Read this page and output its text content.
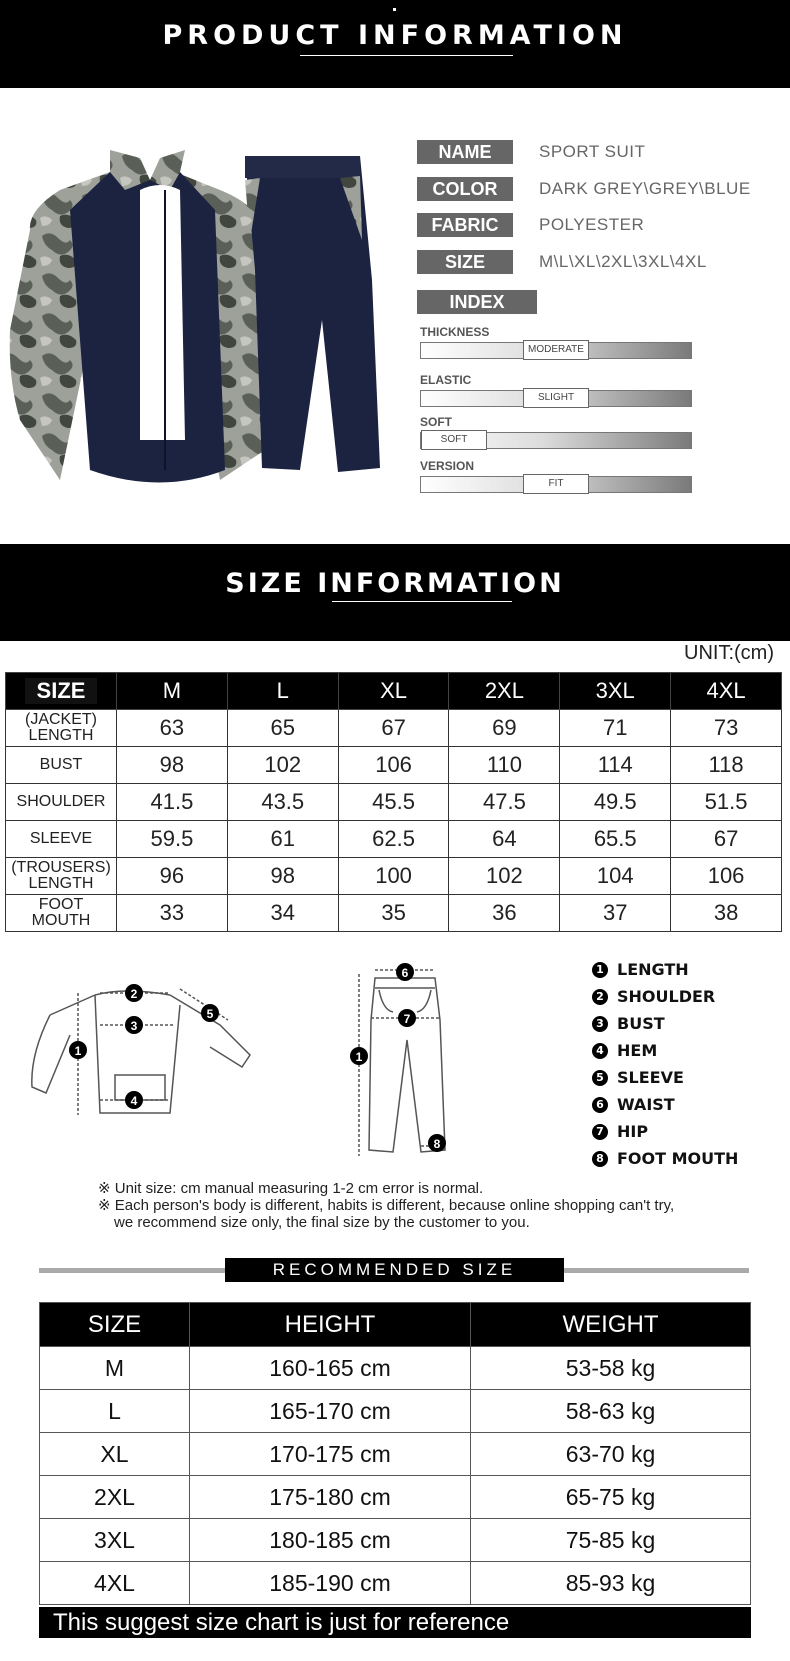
PRODUCT INFORMATION
NAME	SPORT SUIT
COLOR	DARK GREY\GREY\BLUE
FABRIC	POLYESTER
SIZE	M\L\XL\2XL\3XL\4XL
INDEX
THICKNESS
MODERATE
ELASTIC
SLIGHT
SOFT
SOFT
VERSION
FIT
SIZE INFORMATION
UNIT:(cm)
SIZE	M	L	XL	2XL	3XL	4XL
(JACKET)
LENGTH	63	65	67	69	71	73
BUST	98	102	106	110	114	118
SHOULDER	41.5	43.5	45.5	47.5	49.5	51.5
SLEEVE	59.5	61	62.5	64	65.5	67
(TROUSERS)
LENGTH	96	98	100	102	104	106
FOOT
MOUTH	33	34	35	36	37	38
1
2
3
4
5
1
6
7
8
1 LENGTH
2 SHOULDER
3 BUST
4 HEM
5 SLEEVE
6 WAIST
7 HIP
8 FOOT MOUTH
※ Unit size: cm manual measuring 1-2 cm error is normal.
※ Each person's body is different, habits is different, because online shopping can't try,
we recommend size only, the final size by the customer to you.
RECOMMENDED SIZE
SIZE	HEIGHT	WEIGHT
M	160-165 cm	53-58 kg
L	165-170 cm	58-63 kg
XL	170-175 cm	63-70 kg
2XL	175-180 cm	65-75 kg
3XL	180-185 cm	75-85 kg
4XL	185-190 cm	85-93 kg
This suggest size chart is just for reference
